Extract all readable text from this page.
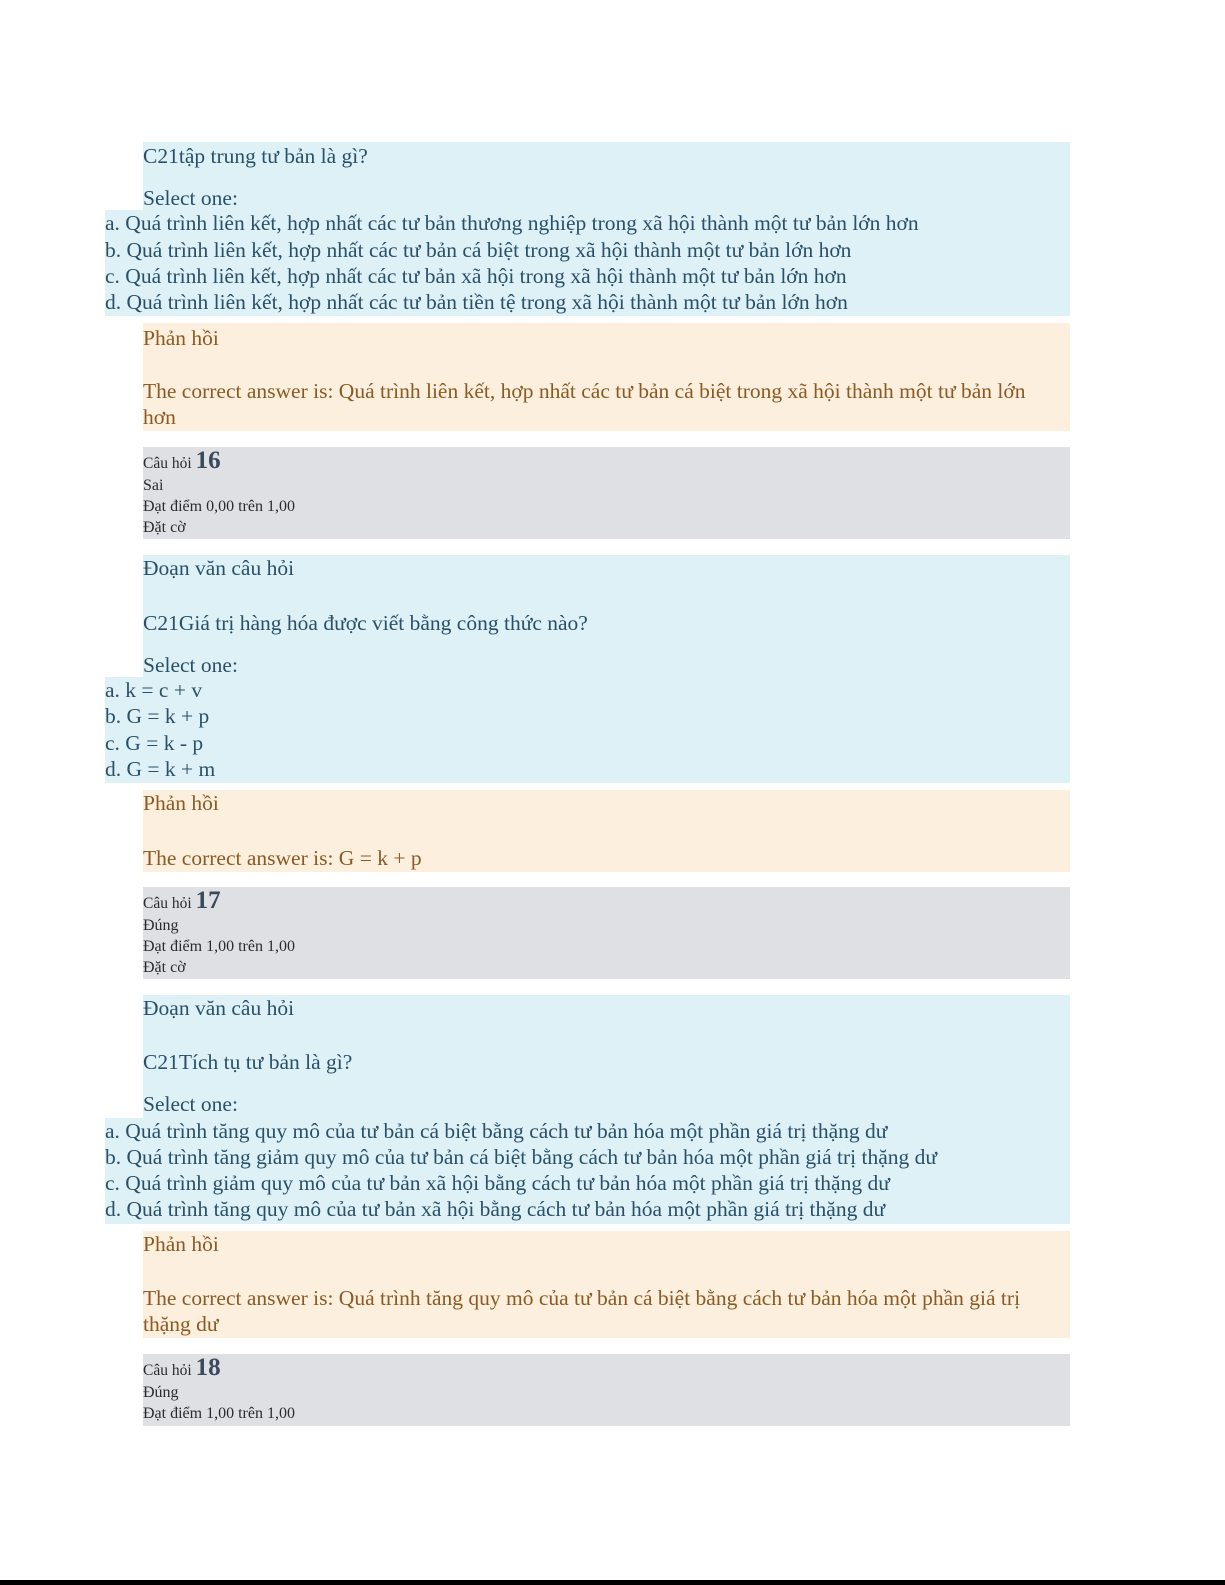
C21tập trung tư bản là gì?
Select one:
a. Quá trình liên kết, hợp nhất các tư bản thương nghiệp trong xã hội thành một tư bản lớn hơn
b. Quá trình liên kết, hợp nhất các tư bản cá biệt trong xã hội thành một tư bản lớn hơn
c. Quá trình liên kết, hợp nhất các tư bản xã hội trong xã hội thành một tư bản lớn hơn
d. Quá trình liên kết, hợp nhất các tư bản tiền tệ trong xã hội thành một tư bản lớn hơn
Phản hồi
The correct answer is: Quá trình liên kết, hợp nhất các tư bản cá biệt trong xã hội thành một tư bản lớn hơn
Câu hỏi 16
Sai
Đạt điểm 0,00 trên 1,00
Đặt cờ
Đoạn văn câu hỏi
C21Giá trị hàng hóa được viết bằng công thức nào?
Select one:
a. k = c + v
b. G = k + p
c. G = k - p
d. G = k + m
Phản hồi
The correct answer is: G = k + p
Câu hỏi 17
Đúng
Đạt điểm 1,00 trên 1,00
Đặt cờ
Đoạn văn câu hỏi
C21Tích tụ tư bản là gì?
Select one:
a. Quá trình tăng quy mô của tư bản cá biệt bằng cách tư bản hóa một phần giá trị thặng dư
b. Quá trình tăng giảm quy mô của tư bản cá biệt bằng cách tư bản hóa một phần giá trị thặng dư
c. Quá trình giảm quy mô của tư bản xã hội bằng cách tư bản hóa một phần giá trị thặng dư
d. Quá trình tăng quy mô của tư bản xã hội bằng cách tư bản hóa một phần giá trị thặng dư
Phản hồi
The correct answer is: Quá trình tăng quy mô của tư bản cá biệt bằng cách tư bản hóa một phần giá trị thặng dư
Câu hỏi 18
Đúng
Đạt điểm 1,00 trên 1,00
